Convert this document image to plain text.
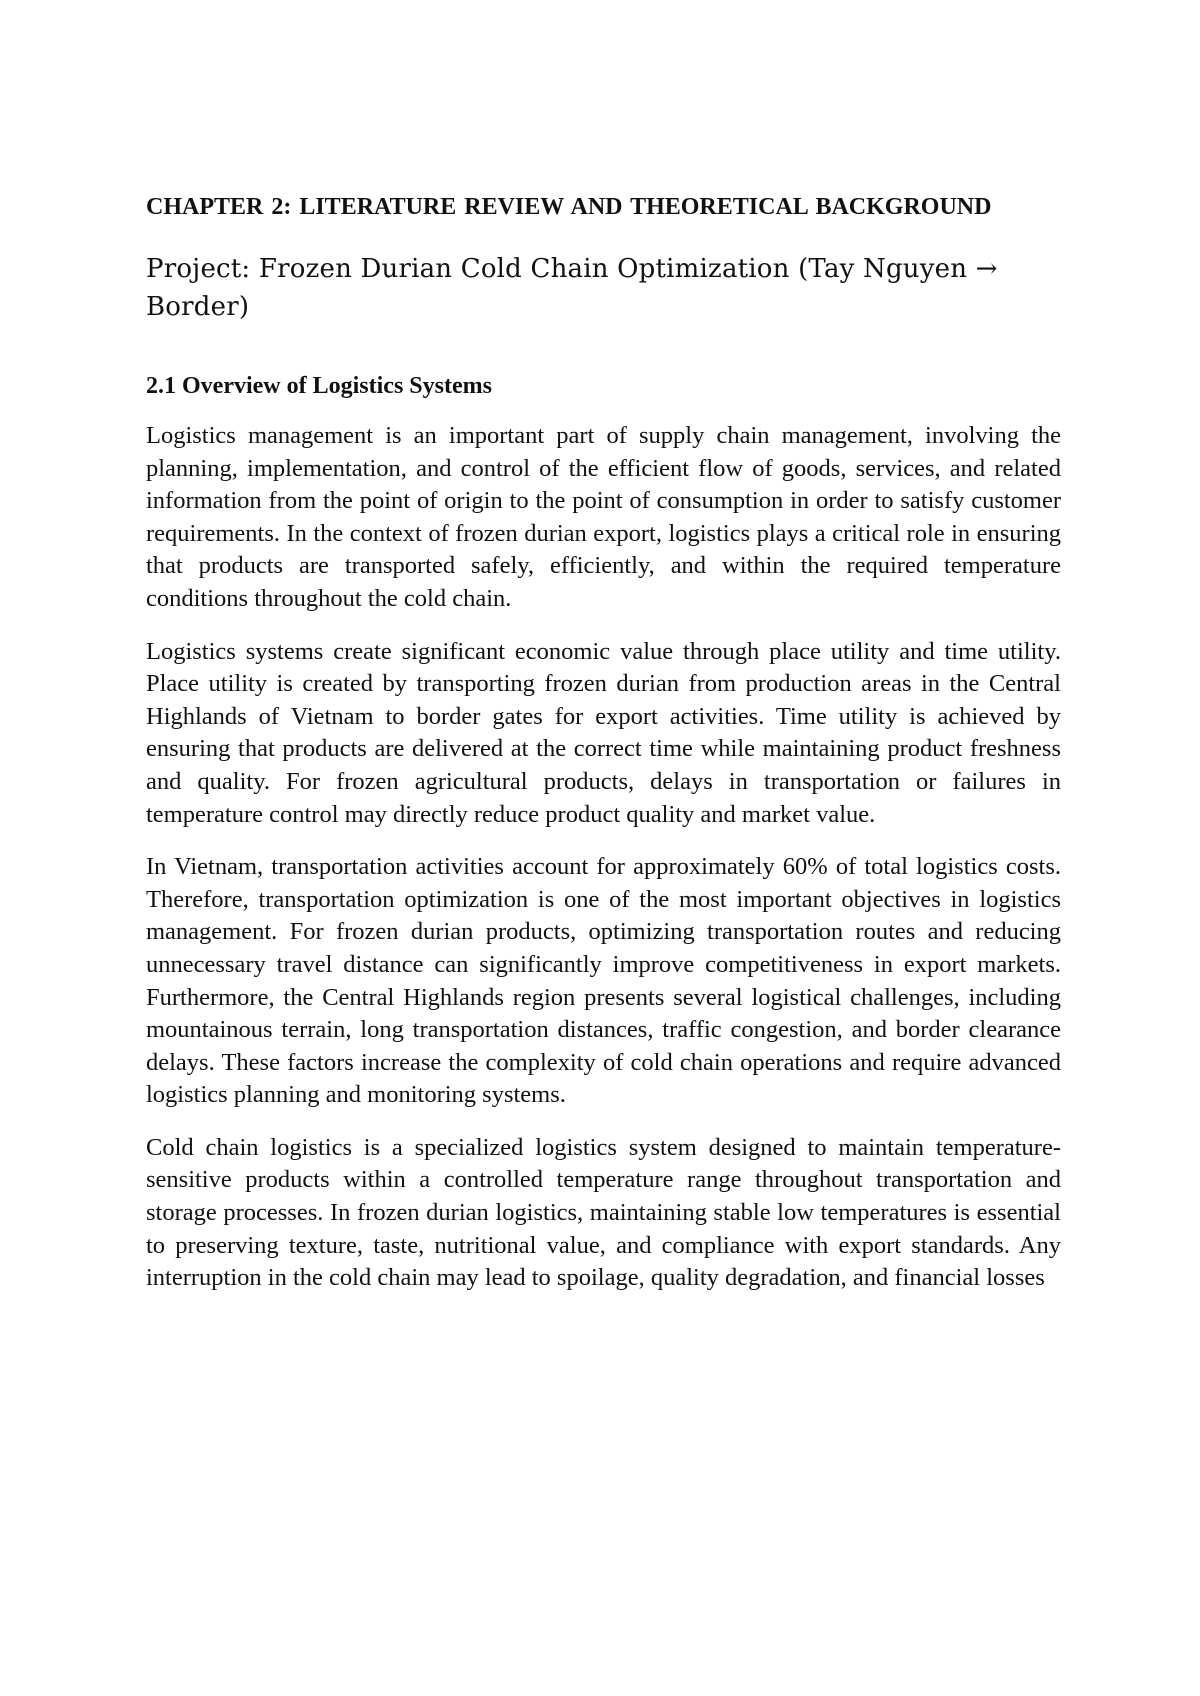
CHAPTER 2: LITERATURE REVIEW AND THEORETICAL BACKGROUND
Project: Frozen Durian Cold Chain Optimization (Tay Nguyen → Border)
2.1 Overview of Logistics Systems

Logistics management is an important part of supply chain management, involving the planning, implementation, and control of the efficient flow of goods, services, and related information from the point of origin to the point of consumption in order to satisfy customer requirements. In the context of frozen durian export, logistics plays a critical role in ensuring that products are transported safely, efficiently, and within the required temperature conditions throughout the cold chain.

Logistics systems create significant economic value through place utility and time utility. Place utility is created by transporting frozen durian from production areas in the Central Highlands of Vietnam to border gates for export activities. Time utility is achieved by ensuring that products are delivered at the correct time while maintaining product freshness and quality. For frozen agricultural products, delays in transportation or failures in temperature control may directly reduce product quality and market value.

In Vietnam, transportation activities account for approximately 60% of total logistics costs. Therefore, transportation optimization is one of the most important objectives in logistics management. For frozen durian products, optimizing transportation routes and reducing unnecessary travel distance can significantly improve competitiveness in export markets. Furthermore, the Central Highlands region presents several logistical challenges, including mountainous terrain, long transportation distances, traffic congestion, and border clearance delays. These factors increase the complexity of cold chain operations and require advanced logistics planning and monitoring systems.

Cold chain logistics is a specialized logistics system designed to maintain temperature-sensitive products within a controlled temperature range throughout transportation and storage processes. In frozen durian logistics, maintaining stable low temperatures is essential to preserving texture, taste, nutritional value, and compliance with export standards. Any interruption in the cold chain may lead to spoilage, quality degradation, and financial losses
